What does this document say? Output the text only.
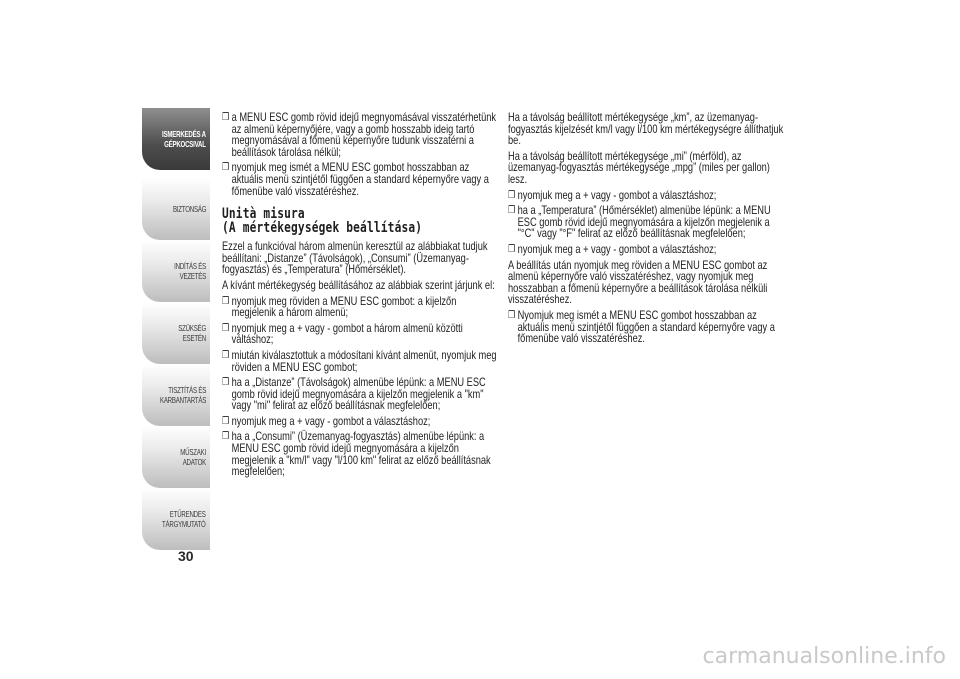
ISMERKEDÉS A
GÉPKOCSIVAL
BIZTONSÁG
INDÍTÁS ÉS VEZETÉS
SZÜKSÉG ESETÉN
TISZTÍTÁS ÉS
KARBANTARTÁS
MŰSZAKI ADATOK
ETŰRENDES
TÁRGYMUTATÓ
30
❒ a MENU ESC gomb rövid idejű megnyomásával visszatérhetünk az almenü képernyőjére, vagy a gomb hosszabb ideig tartó megnyomásával a főmenü képernyőre tudunk visszatérni a beállítások tárolása nélkül;
❒ nyomjuk meg ismét a MENU ESC gombot hosszabban az aktuális menü szintjétől függően a standard képernyőre vagy a főmenübe való visszatéréshez.
Unità misura
(A mértékegységek beállítása)

Ezzel a funkcióval három almenün keresztül az alábbiakat tudjuk beállítani: „Distanze” (Távolságok), „Consumi” (Üzemanyag-fogyasztás) és „Temperatura” (Hőmérséklet).

A kívánt mértékegység beállításához az alábbiak szerint járjunk el:

❒ nyomjuk meg röviden a MENU ESC gombot: a kijelzőn megjelenik a három almenü;
❒ nyomjuk meg a + vagy - gombot a három almenü közötti váltáshoz;
❒ miután kiválasztottuk a módosítani kívánt almenüt, nyomjuk meg röviden a MENU ESC gombot;
❒ ha a „Distanze” (Távolságok) almenübe lépünk: a MENU ESC gomb rövid idejű megnyomására a kijelzőn megjelenik a "km" vagy "mi" felirat az előző beállításnak megfelelően;
❒ nyomjuk meg a + vagy - gombot a választáshoz;
❒ ha a „Consumi” (Üzemanyag-fogyasztás) almenübe lépünk: a MENU ESC gomb rövid idejű megnyomására a kijelzőn megjelenik a "km/l" vagy "l/100 km" felirat az előző beállításnak megfelelően;

Ha a távolság beállított mértékegysége „km”, az üzemanyag-fogyasztás kijelzését km/l vagy l/100 km mértékegységre állíthatjuk be.

Ha a távolság beállított mértékegysége „mi” (mérföld), az üzemanyag-fogyasztás mértékegysége „mpg” (miles per gallon) lesz.

❒ nyomjuk meg a + vagy - gombot a választáshoz;
❒ ha a „Temperatura” (Hőmérséklet) almenübe lépünk: a MENU ESC gomb rövid idejű megnyomására a kijelzőn megjelenik a "°C" vagy "°F" felirat az előző beállításnak megfelelően;
❒ nyomjuk meg a + vagy - gombot a választáshoz;

A beállítás után nyomjuk meg röviden a MENU ESC gombot az almenü képernyőre való visszatéréshez, vagy nyomjuk meg hosszabban a főmenü képernyőre a beállítások tárolása nélküli visszatéréshez.

❒ Nyomjuk meg ismét a MENU ESC gombot hosszabban az aktuális menü szintjétől függően a standard képernyőre vagy a főmenübe való visszatéréshez.
carmanualsonline.info
